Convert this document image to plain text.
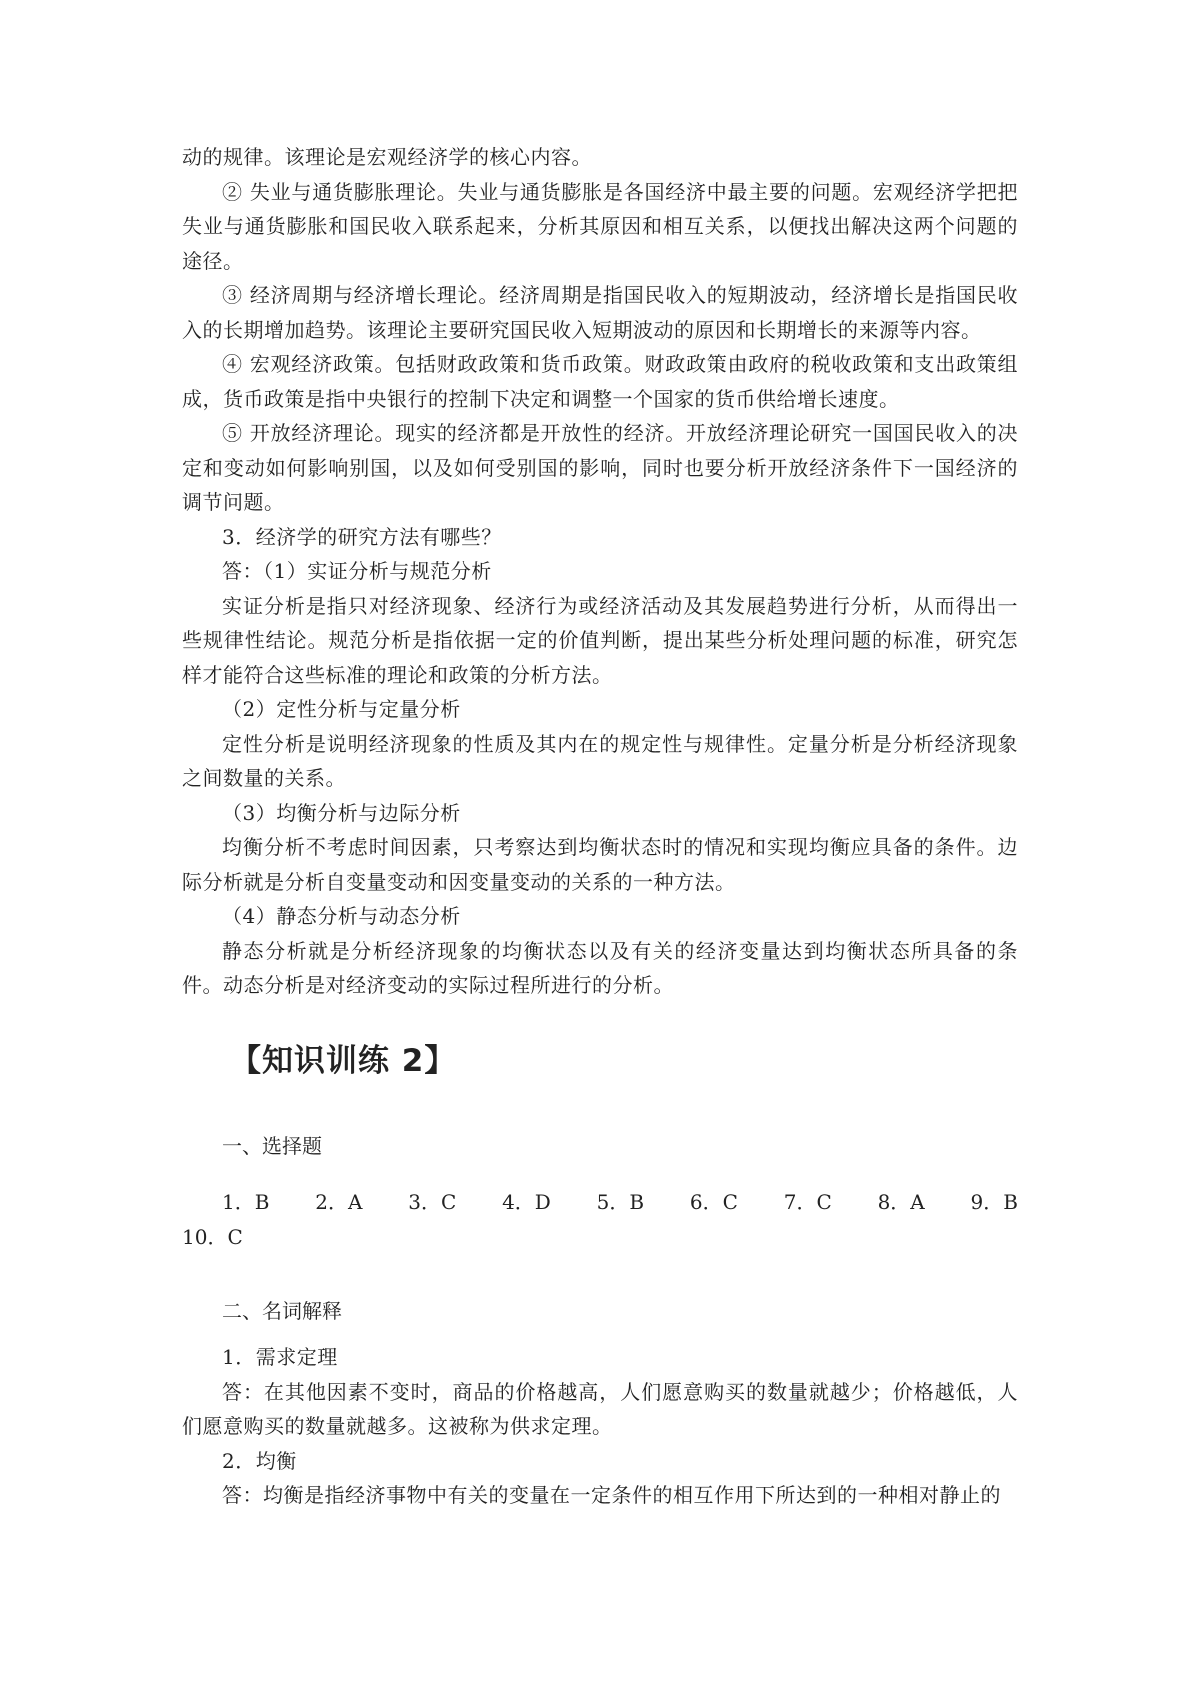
动的规律。该理论是宏观经济学的核心内容。

② 失业与通货膨胀理论。失业与通货膨胀是各国经济中最主要的问题。宏观经济学把把失业与通货膨胀和国民收入联系起来，分析其原因和相互关系，以便找出解决这两个问题的途径。

③ 经济周期与经济增长理论。经济周期是指国民收入的短期波动，经济增长是指国民收入的长期增加趋势。该理论主要研究国民收入短期波动的原因和长期增长的来源等内容。

④ 宏观经济政策。包括财政政策和货币政策。财政政策由政府的税收政策和支出政策组成，货币政策是指中央银行的控制下决定和调整一个国家的货币供给增长速度。

⑤ 开放经济理论。现实的经济都是开放性的经济。开放经济理论研究一国国民收入的决定和变动如何影响别国，以及如何受别国的影响，同时也要分析开放经济条件下一国经济的调节问题。

3．经济学的研究方法有哪些？

答：（1）实证分析与规范分析

实证分析是指只对经济现象、经济行为或经济活动及其发展趋势进行分析，从而得出一些规律性结论。规范分析是指依据一定的价值判断，提出某些分析处理问题的标准，研究怎样才能符合这些标准的理论和政策的分析方法。

（2）定性分析与定量分析

定性分析是说明经济现象的性质及其内在的规定性与规律性。定量分析是分析经济现象之间数量的关系。

（3）均衡分析与边际分析

均衡分析不考虑时间因素，只考察达到均衡状态时的情况和实现均衡应具备的条件。边际分析就是分析自变量变动和因变量变动的关系的一种方法。

（4）静态分析与动态分析

静态分析就是分析经济现象的均衡状态以及有关的经济变量达到均衡状态所具备的条件。动态分析是对经济变动的实际过程所进行的分析。

【知识训练 2】
一、选择题
1．B 2．A 3．C 4．D 5．B 6．C 7．C 8．A 9．B
10．C
二、名词解释

1．需求定理

答：在其他因素不变时，商品的价格越高，人们愿意购买的数量就越少；价格越低，人们愿意购买的数量就越多。这被称为供求定理。

2．均衡

答：均衡是指经济事物中有关的变量在一定条件的相互作用下所达到的一种相对静止的
